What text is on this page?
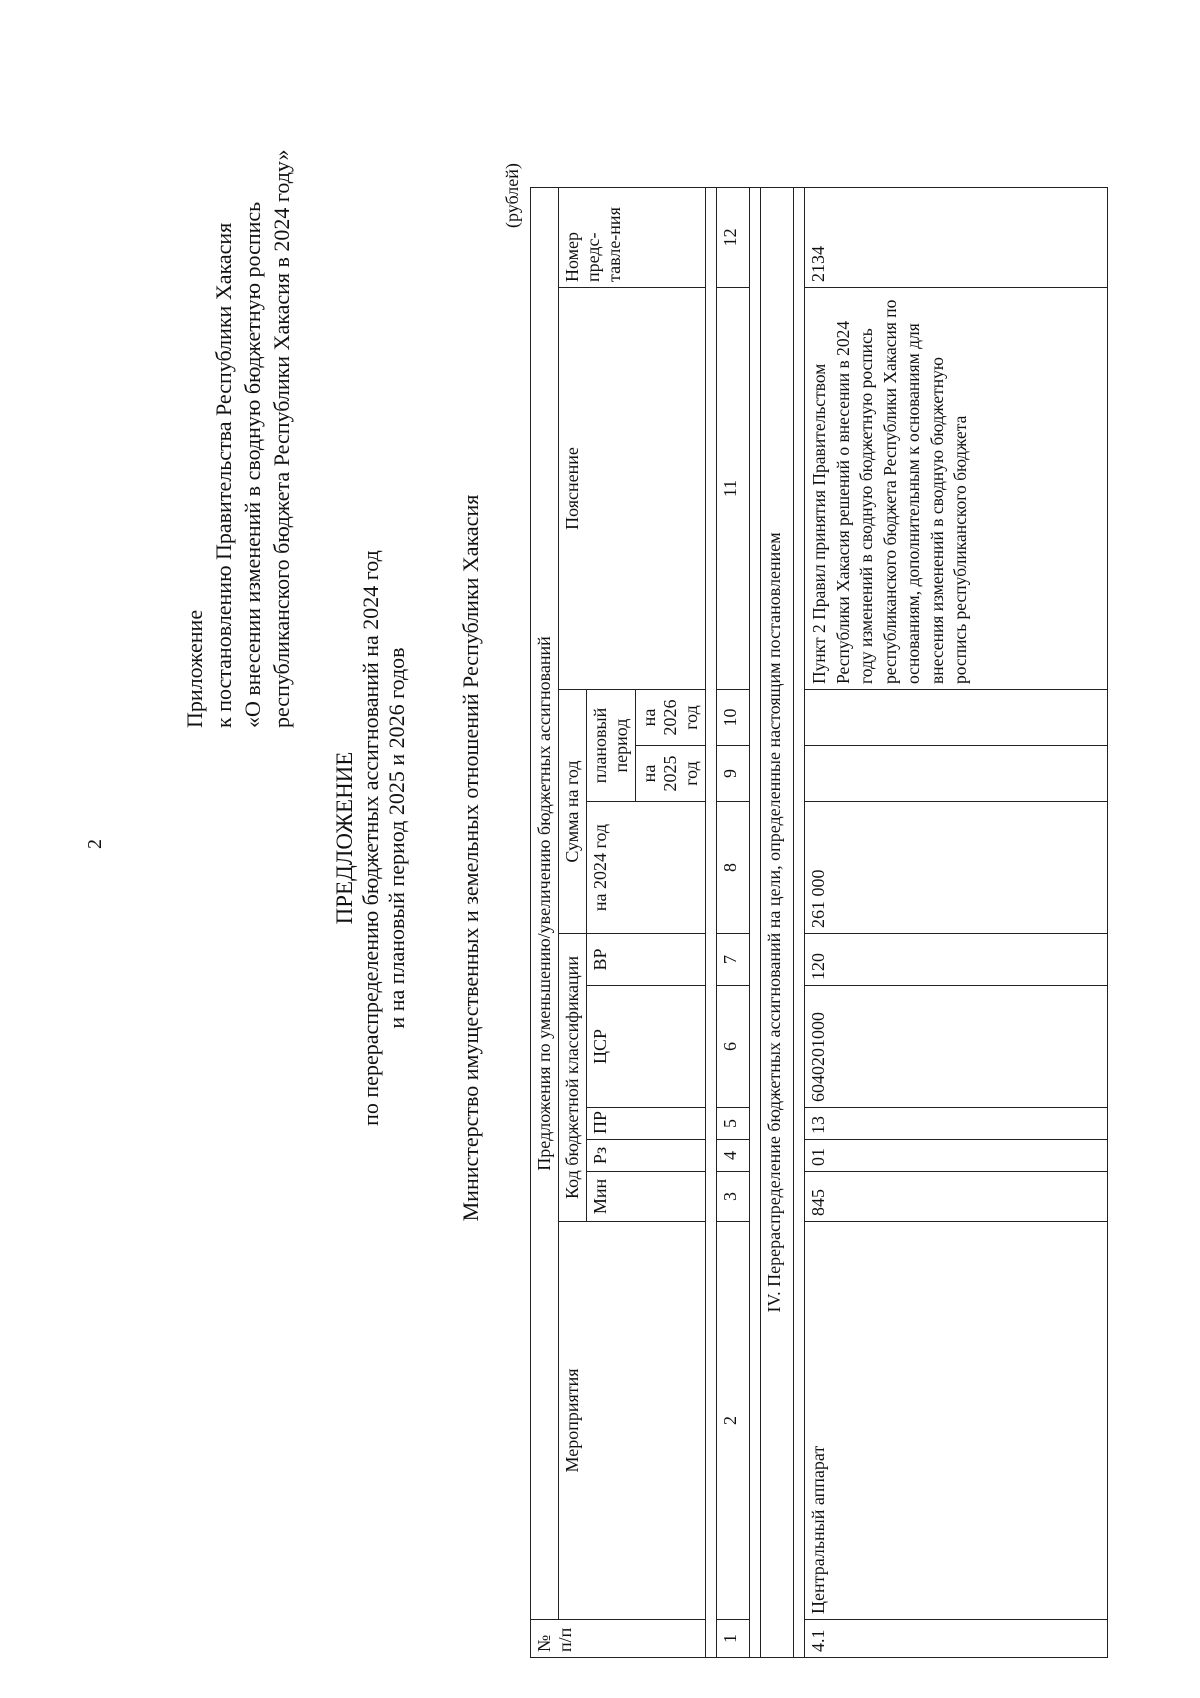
2
Приложение к постановлению Правительства Республики Хакасия «О внесении изменений в сводную бюджетную роспись республиканского бюджета Республики Хакасия в 2024 году»
ПРЕДЛОЖЕНИЕ по перераспределению бюджетных ассигнований на 2024 год и на плановый период 2025 и 2026 годов Министерство имущественных и земельных отношений Республики Хакасия
(рублей)
№ п/п	Предложения по уменьшению/увеличению бюджетных ассигнований										
	Мероприятия	Код бюджетной классификации					Сумма на год			Пояснение	Номер предс-тавле-ния
		Мин	Рз	ПР	ЦСР	ВР	на 2024 год	плановый период			
								на 2025 год	на 2026 год		

1	2	3	4	5	6	7	8	9	10	11	12

IV. Перераспределение бюджетных ассигнований на цели, определенные настоящим постановлением											

4.1	Центральный аппарат	845	01	13	6040201000	120	261 000			Пункт 2 Правил принятия Правительством Республики Хакасия решений о внесении в 2024 году изменений в сводную бюджетную роспись республиканского бюджета Республики Хакасия по основаниям, дополнительным к основаниям для внесения изменений в сводную бюджетную роспись республиканского бюджета	2134
